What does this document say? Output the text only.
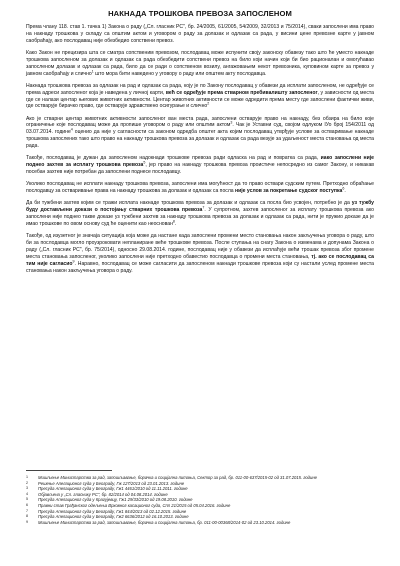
НАКНАДА ТРОШКОВА ПРЕВОЗА ЗАПОСЛЕНОМ

Према члану 118. став 1. тачка 1) Закона о раду („Сл. гласник РС", бр. 24/2005, 61/2005, 54/2009, 32/2013 и 75/2014), сваки запослени има право на накнаду трошкова у складу са општим актом и уговором о раду за долазак и одлазак са рада, у висини цене превозне карте у јавном саобраћају, ако послодавац није обезбедио сопствени превоз.

Како Закон не прецизира шта се сматра сопственим превозом, послодавац може испунити своју законску обавезу тако што ће уместо накнаде трошкова запосленом за долазак и одлазак са рада обезбедити сопствени превоз на било који начин који би био рационалан и омогућавао запосленом долазак и одлазак са рада, било да се ради о сопственом возилу, ангажовањем некот превозника, куповином карте за превоз у јавном саобраћају и слично$^1$ што мора бити наведено у уговору о раду или општем акту послодавца.

Накнада трошкова превоза за одлазак на рад и одлазак са рада, коју је по Закону послодавац у обавези да исплати запосленом, не одређује се према адреси запосленог која је наведена у личној карти, већ се одређује према стварном пребивалишту запосленог, у зависности од места где се налази центар његових животних активности. Центар животних активности се може одредити према месту где запослени фактички живи, где остварује бирачко право, где остварује здравствено осигурање и слично$^2$

Ако је стварни центар животних активности запосленог ван места рада, запослени остварује право на накнаду, без обзира на било које ограничење које послодавац може да пропише уговором о раду или општим актом$^3$. Чак је Уставни суд, својом одлуком IУо број 154/2011 од 03.07.2014. године$^4$ оценио да није у сагласности са законом одредба општег акта којим послодавац утврђује услове за остваривање накнаде трошкова запослених тако што право на накнаду трошкова превоза за долазак и одлазак са рада везује за удаљеност места становања од места рада.

Такође, послодавац је дужан да запосленом надокнади трошкове превоза ради одласка на рад и повратка са рада, иако запослени није поднео захтев за исплату трошкова превоза$^5$, јер право на накнаду трошкова превоза проистиче непосредно из самог Закону, и никакав посебан захтев није потребан да запослени поднесе послодавцу.

Уколико послодавац не исплати накнаду трошкова превоза, запослени има могућност да то право оствари судским путем. Претходно обраћање послодавцу за остваривање права на накнаду трошкова за долазак и одлазак са посла није услов за покретање судског поступка$^6$.

Да би тужбени захтев којим се тражи исплата накнаде трошкова превоза за долазак и одлазак са посла био усвојен, потребно је да уз тужбу буду достављени докази о постојању стварних трошкова превоза$^7$. У супротном, захтев запосленог за исплату трошкова превоза ако запослени није поднео такве доказе уз тужбени захтев за накнаду трошкова превоза за долазак и одлазак са рада, нити је пружио доказе да је имао трошкове по овом основу суд ће оценити као неоснован$^8$.

Такође, од изузетног је значаја ситуација која може да настане када запослени промени место становања након закључења уговора о раду, што би за послодавца могло проузроковати непланиране веће трошкове превоза. После ступања на снагу Закона о изменама и допунама Закона о раду („Сл. гласник РС", бр. 75/2014), односно 29.08.2014. године, послодавац није у обавези да исплаћује већи трошак превоза због промене места становања запосленог, уколико запослени није претходно обавестио послодавца о промени места становања, тј. ако се послодавац са тим није сагласио$^9$. Наравно, послодавац се може сагласити да запосленом накнади трошкове превоза који су настали услед промене места становања након закључења уговора о раду.

1	Мишљење Министарства за рад, запошљавање, борачка и социјална питања, Сектор за рад, бр. 011-00-637/2015-02 од 31.07.2015. године
2	Решење Апелационог суда у Београду, Гж 127/2013 од 23.01.2013. године
3	Пресуда Апелационог суда у Београду, Гж1 4461/2010 од 11.11.2011. године
4	Објављена у „Сл. гласнику РС", бр. 82/2014 од 04.08.2014. године
5	Пресуда Апелационог суда у Крагујевцу, Гж1 29/33/2010 од 19.08.2010. године
6	Правни став Грађанског одељења Врховног касационог суда, Спп 21/2015 од 05.04.2016. године
7	Пресуда Апелационог суда у Београду, Гж1 844/2013 од 02.12.2015. године
8	Пресуда Апелационог суда у Београду, Гж2 6636/2012 од 16.10.2013. године
9	Мишљење Министарства за рад, запошљавање, борачка и социјална питања, бр. 011-00-00368/2014-02 од 23.10.2014. године
